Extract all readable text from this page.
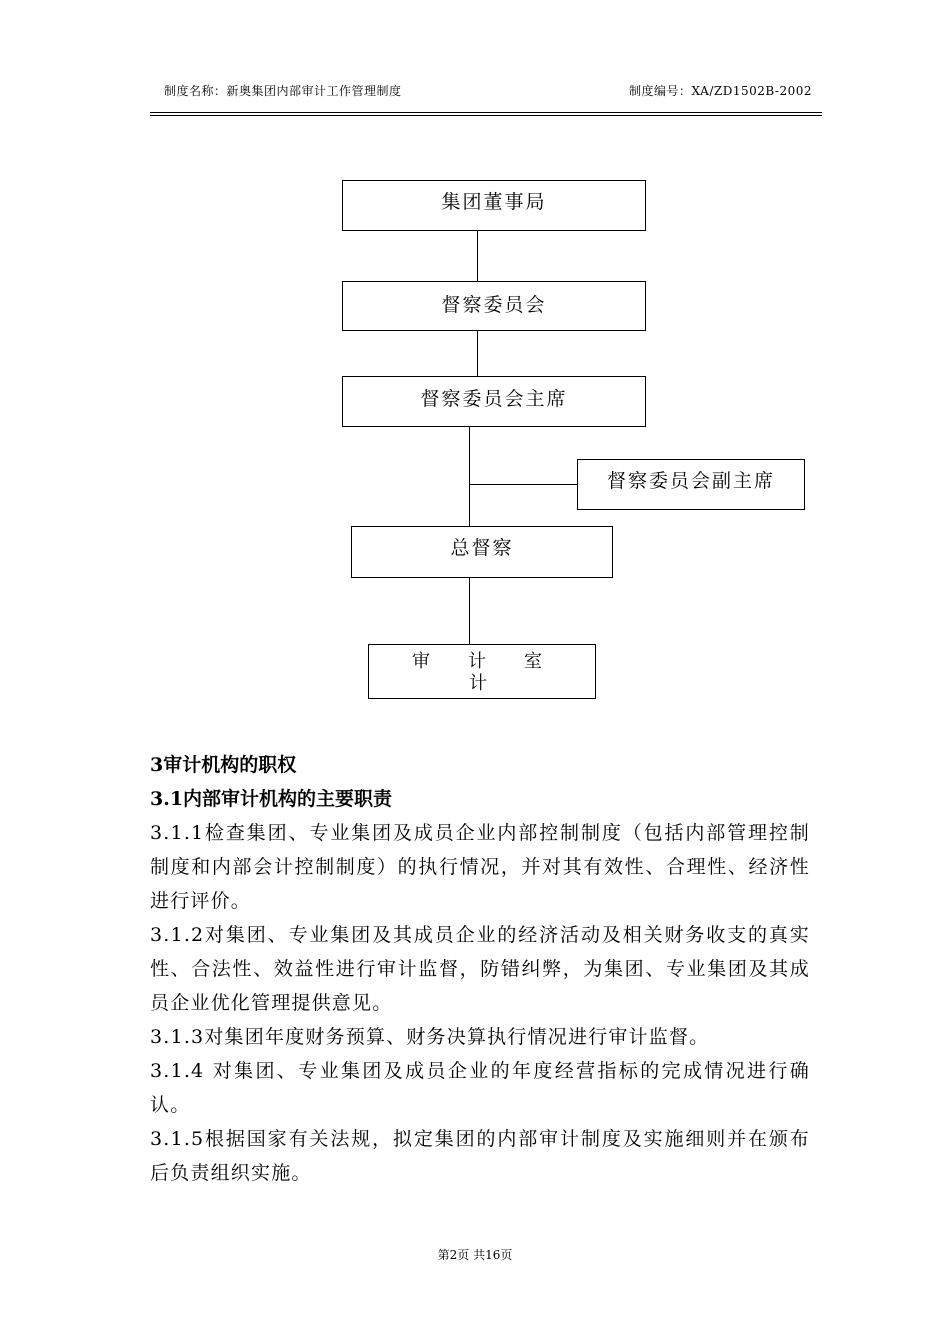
制度名称：新奥集团内部审计工作管理制度	制度编号：XA/ZD1502B-2002
集团董事局
督察委员会
督察委员会主席
督察委员会副主席
总督察
审　计　室
计

3审计机构的职权

3.1内部审计机构的主要职责

3.1.1检查集团、专业集团及成员企业内部控制制度（包括内部管理控制制度和内部会计控制制度）的执行情况，并对其有效性、合理性、经济性进行评价。

3.1.2对集团、专业集团及其成员企业的经济活动及相关财务收支的真实性、合法性、效益性进行审计监督，防错纠弊，为集团、专业集团及其成员企业优化管理提供意见。

3.1.3对集团年度财务预算、财务决算执行情况进行审计监督。

3.1.4 对集团、专业集团及成员企业的年度经营指标的完成情况进行确认。

3.1.5根据国家有关法规，拟定集团的内部审计制度及实施细则并在颁布后负责组织实施。

第2页 共16页
